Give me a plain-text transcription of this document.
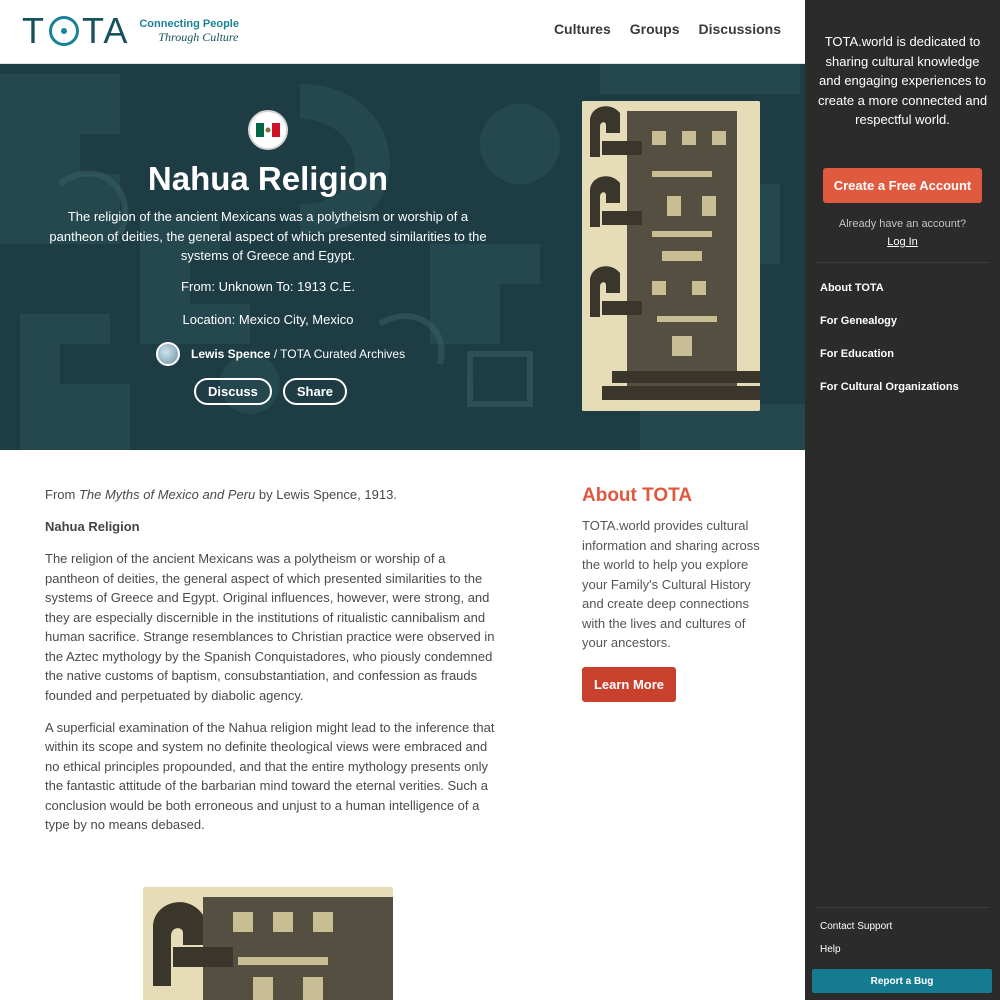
T TA Connecting People
Through Culture	Cultures Groups Discussions
Nahua Religion
The religion of the ancient Mexicans was a polytheism or worship of a pantheon of deities, the general aspect of which presented similarities to the systems of Greece and Egypt.
From: Unknown To: 1913 C.E.
Location: Mexico City, Mexico
Lewis Spence / TOTA Curated Archives
Discuss	Share

From The Myths of Mexico and Peru by Lewis Spence, 1913.

Nahua Religion

The religion of the ancient Mexicans was a polytheism or worship of a pantheon of deities, the general aspect of which presented similarities to the systems of Greece and Egypt. Original influences, however, were strong, and they are especially discernible in the institutions of ritualistic cannibalism and human sacrifice. Strange resemblances to Christian practice were observed in the Aztec mythology by the Spanish Conquistadores, who piously condemned the native customs of baptism, consubstantiation, and confession as frauds founded and perpetuated by diabolic agency.

A superficial examination of the Nahua religion might lead to the inference that within its scope and system no definite theological views were embraced and no ethical principles propounded, and that the entire mythology presents only the fantastic attitude of the barbarian mind toward the eternal verities. Such a conclusion would be both erroneous and unjust to a human intelligence of a type by no means debased.

About TOTA

TOTA.world provides cultural information and sharing across the world to help you explore your Family's Cultural History and create deep connections with the lives and cultures of your ancestors.

Learn More
TOTA.world is dedicated to sharing cultural knowledge and engaging experiences to create a more connected and respectful world.
Create a Free Account
Already have an account?
Log In
About TOTA
For Genealogy
For Education
For Cultural Organizations
Contact Support
Help
Report a Bug
